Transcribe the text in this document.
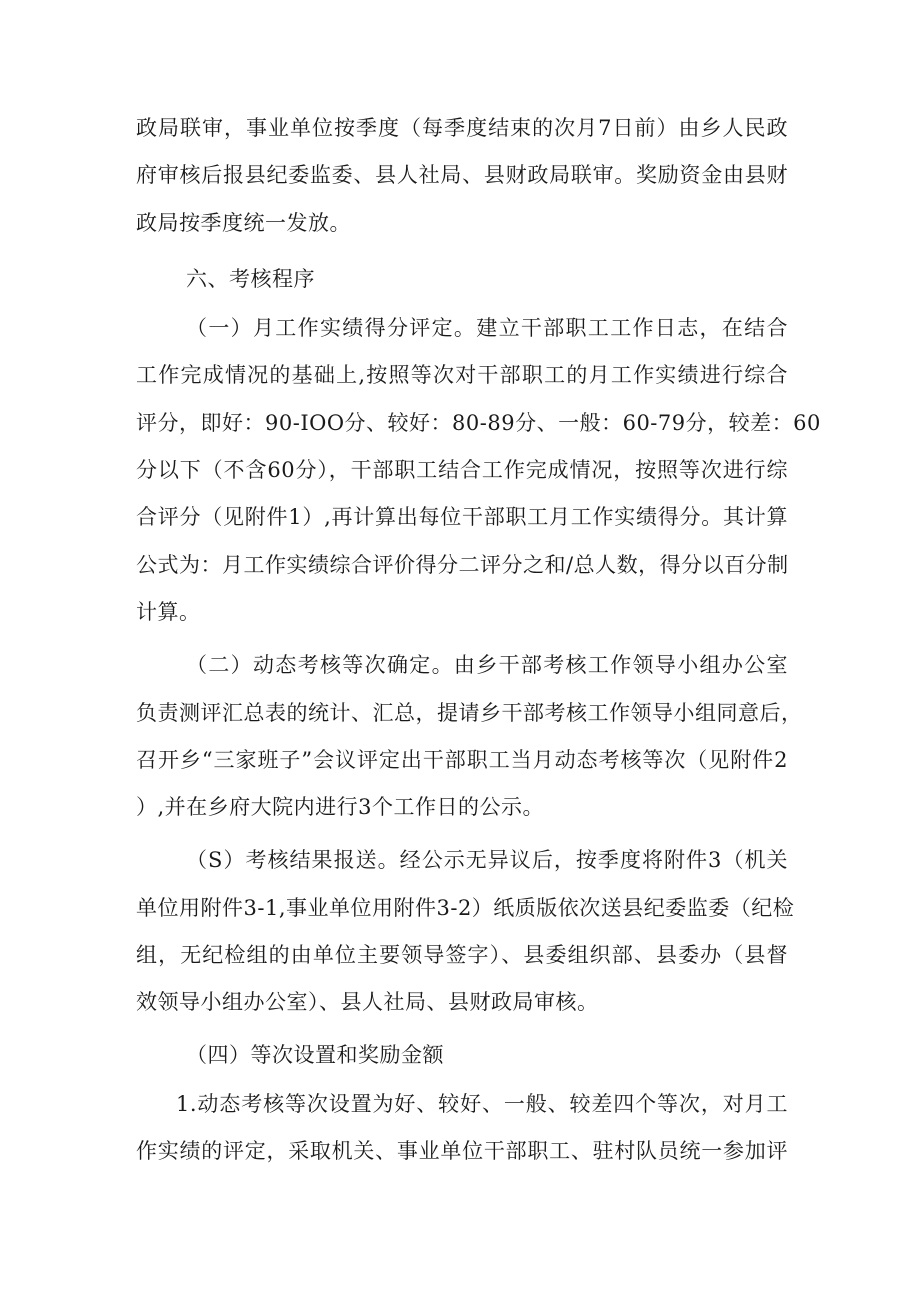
政局联审，事业单位按季度（每季度结束的次月7日前）由乡人民政
府审核后报县纪委监委、县人社局、县财政局联审。奖励资金由县财
政局按季度统一发放。
六、考核程序
（一）月工作实绩得分评定。建立干部职工工作日志，在结合
工作完成情况的基础上,按照等次对干部职工的月工作实绩进行综合
评分，即好：90-IOO分、较好：80-89分、一般：60-79分，较差：60
分以下（不含60分），干部职工结合工作完成情况，按照等次进行综
合评分（见附件1）,再计算出每位干部职工月工作实绩得分。其计算
公式为：月工作实绩综合评价得分二评分之和/总人数，得分以百分制
计算。
（二）动态考核等次确定。由乡干部考核工作领导小组办公室
负责测评汇总表的统计、汇总，提请乡干部考核工作领导小组同意后，
召开乡“三家班子”会议评定出干部职工当月动态考核等次（见附件2
）,并在乡府大院内进行3个工作日的公示。
（S）考核结果报送。经公示无异议后，按季度将附件3（机关
单位用附件3-1,事业单位用附件3-2）纸质版依次送县纪委监委（纪检
组，无纪检组的由单位主要领导签字）、县委组织部、县委办（县督
效领导小组办公室）、县人社局、县财政局审核。
（四）等次设置和奖励金额
1.动态考核等次设置为好、较好、一般、较差四个等次，对月工
作实绩的评定，采取机关、事业单位干部职工、驻村队员统一参加评
